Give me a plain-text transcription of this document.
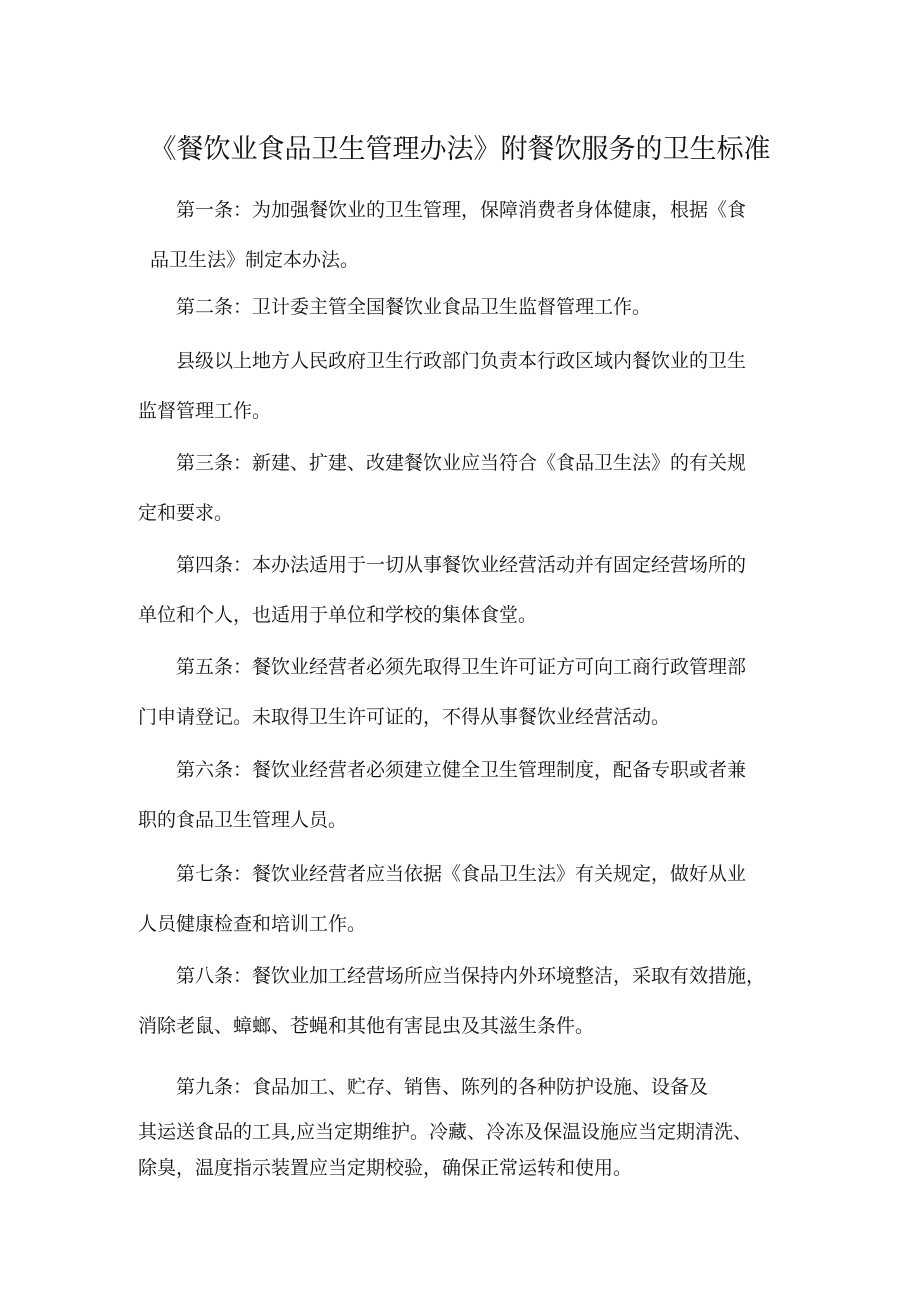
《餐饮业食品卫生管理办法》附餐饮服务的卫生标准

第一条：为加强餐饮业的卫生管理，保障消费者身体健康，根据《食
品卫生法》制定本办法。

第二条：卫计委主管全国餐饮业食品卫生监督管理工作。

县级以上地方人民政府卫生行政部门负责本行政区域内餐饮业的卫生
监督管理工作。

第三条：新建、扩建、改建餐饮业应当符合《食品卫生法》的有关规
定和要求。

第四条：本办法适用于一切从事餐饮业经营活动并有固定经营场所的
单位和个人，也适用于单位和学校的集体食堂。

第五条：餐饮业经营者必须先取得卫生许可证方可向工商行政管理部
门申请登记。未取得卫生许可证的，不得从事餐饮业经营活动。

第六条：餐饮业经营者必须建立健全卫生管理制度，配备专职或者兼
职的食品卫生管理人员。

第七条：餐饮业经营者应当依据《食品卫生法》有关规定，做好从业
人员健康检查和培训工作。

第八条：餐饮业加工经营场所应当保持内外环境整洁，采取有效措施，
消除老鼠、蟑螂、苍蝇和其他有害昆虫及其滋生条件。

第九条：食品加工、贮存、销售、陈列的各种防护设施、设备及
其运送食品的工具,应当定期维护。冷藏、冷冻及保温设施应当定期清洗、
除臭，温度指示装置应当定期校验，确保正常运转和使用。
